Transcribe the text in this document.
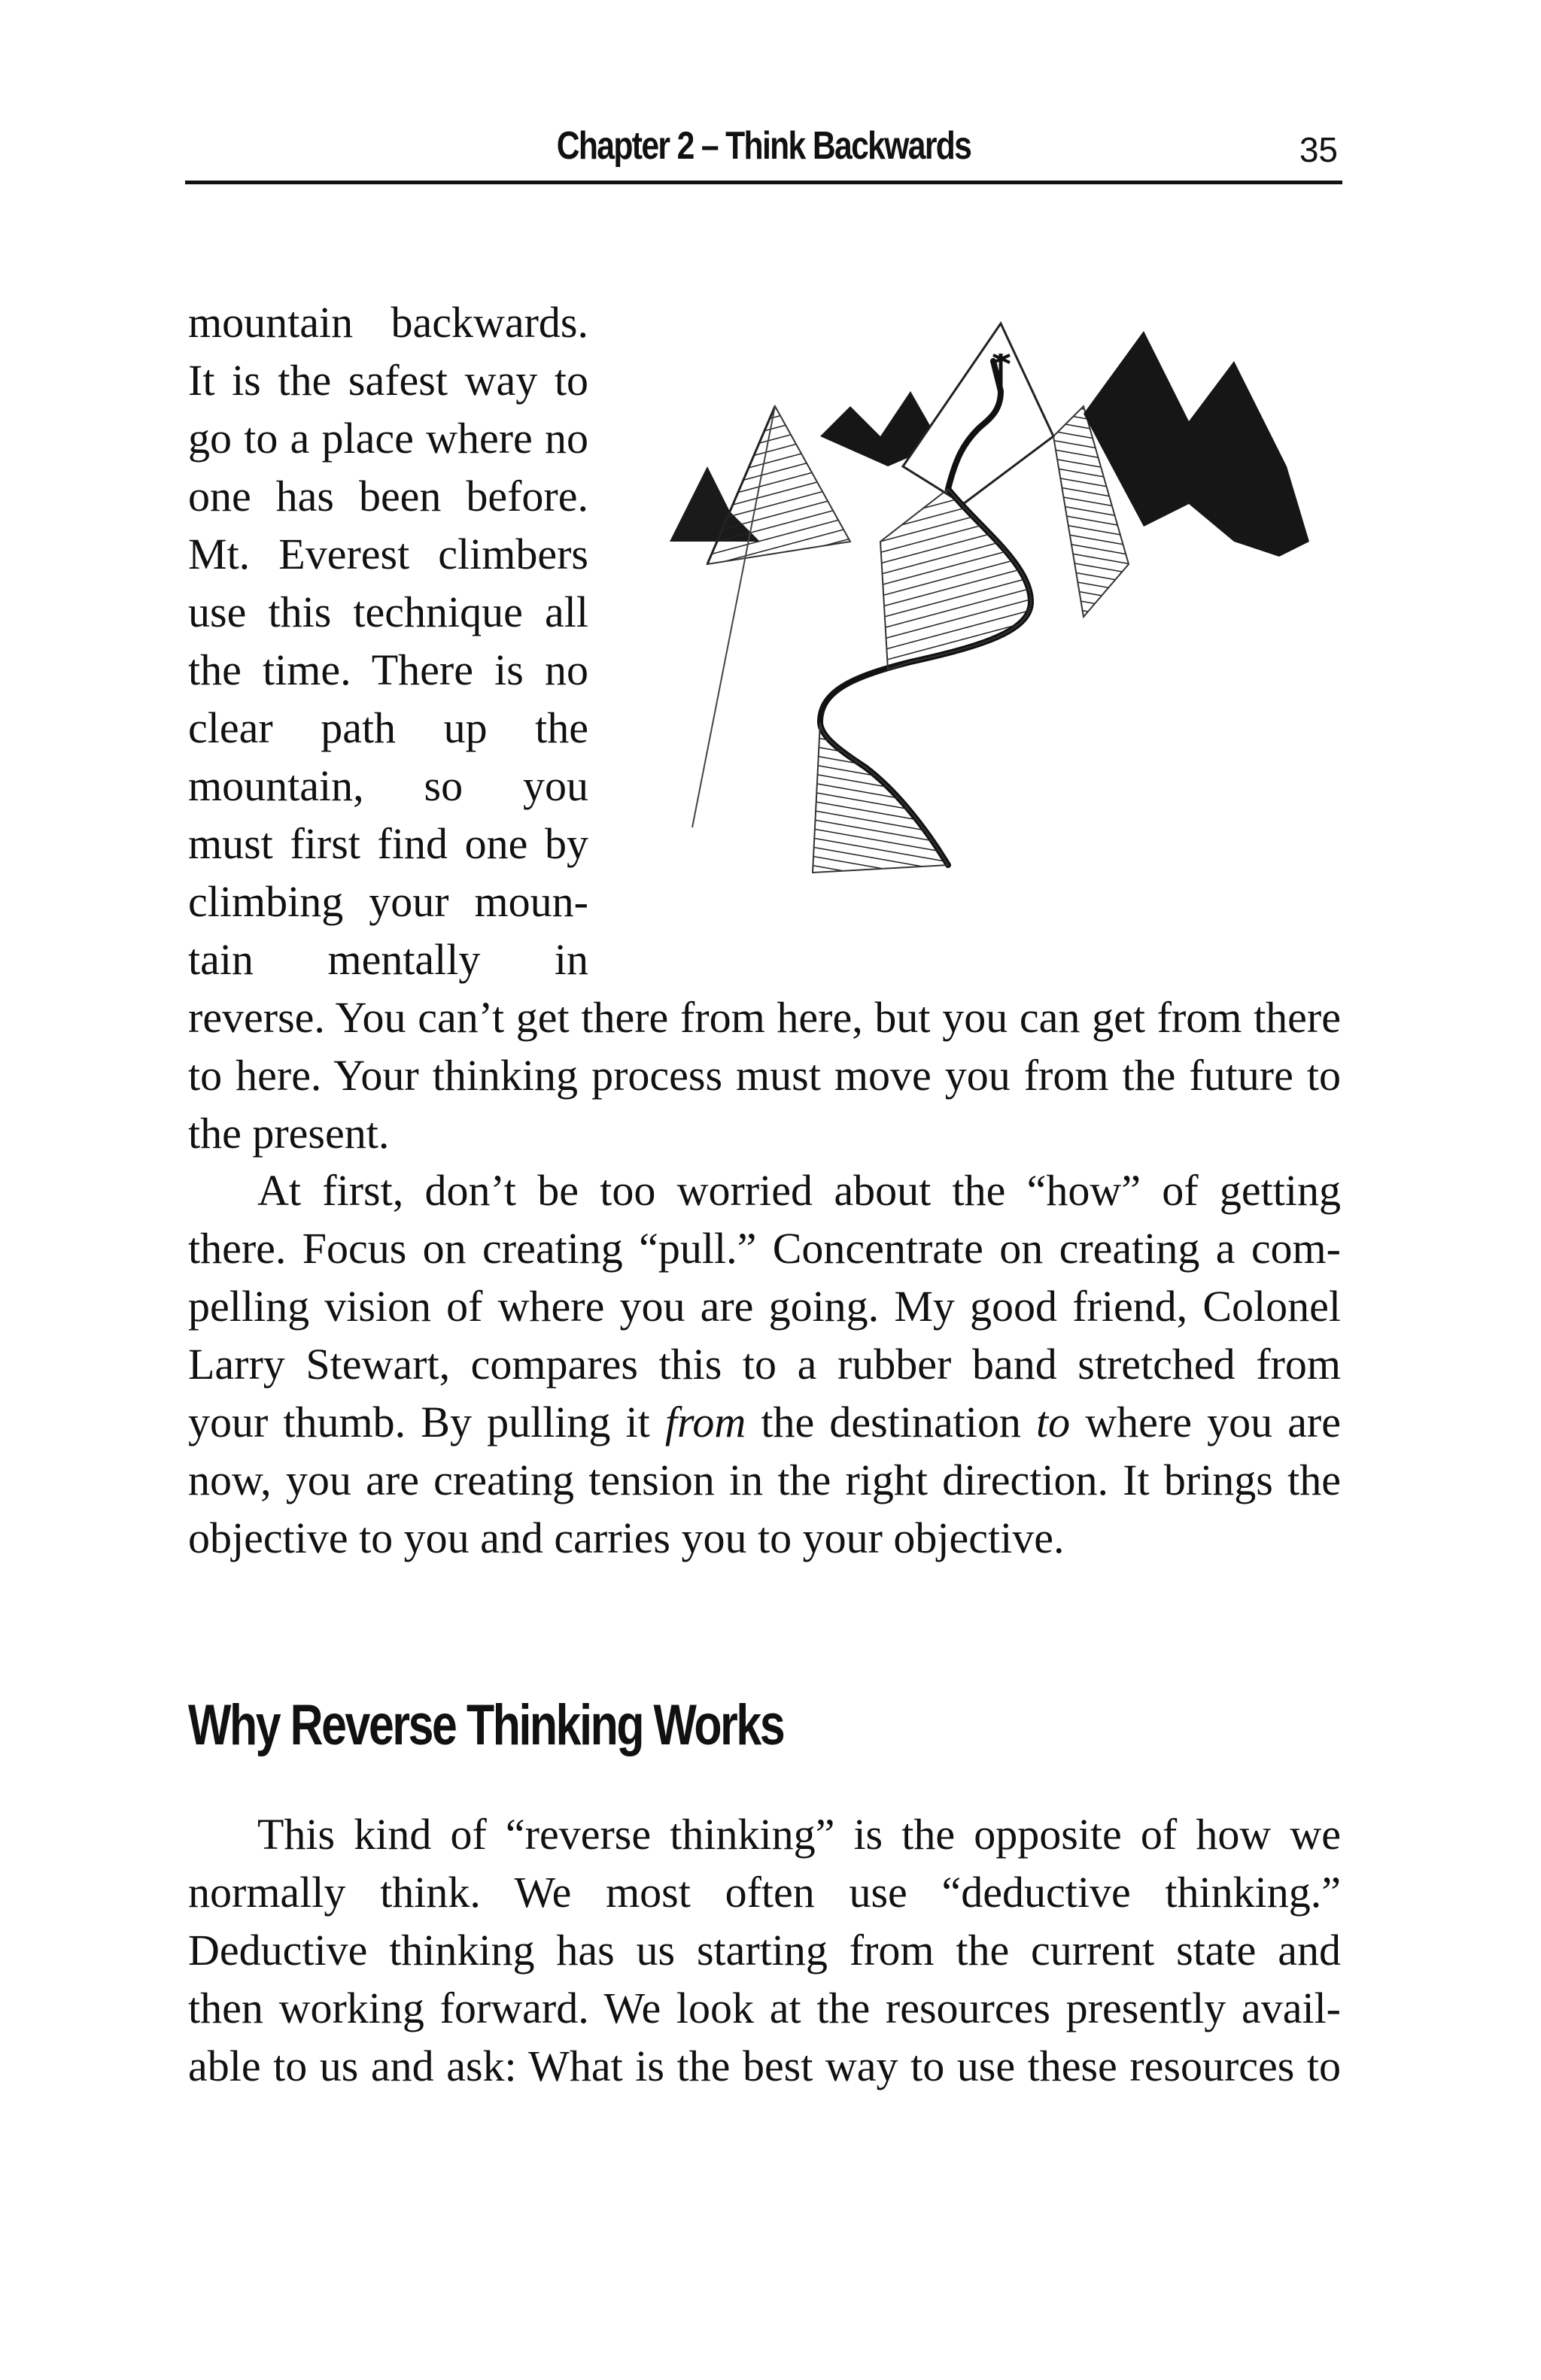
Chapter 2 – Think Backwards	35
mountain backwards.
It is the safest way to
go to a place where no
one has been before.
Mt. Everest climbers
use this technique all
the time. There is no
clear path up the
mountain, so you
must first find one by
climbing your moun-
tain mentally in
reverse. You can’t get there from here, but you can get from there
to here. Your thinking process must move you from the future to
the present.
At first, don’t be too worried about the “how” of getting
there. Focus on creating “pull.” Concentrate on creating a com-
pelling vision of where you are going. My good friend, Colonel
Larry Stewart, compares this to a rubber band stretched from
your thumb. By pulling it from the destination to where you are
now, you are creating tension in the right direction. It brings the
objective to you and carries you to your objective.
Why Reverse Thinking Works
This kind of “reverse thinking” is the opposite of how we
normally think. We most often use “deductive thinking.”
Deductive thinking has us starting from the current state and
then working forward. We look at the resources presently avail-
able to us and ask: What is the best way to use these resources to
